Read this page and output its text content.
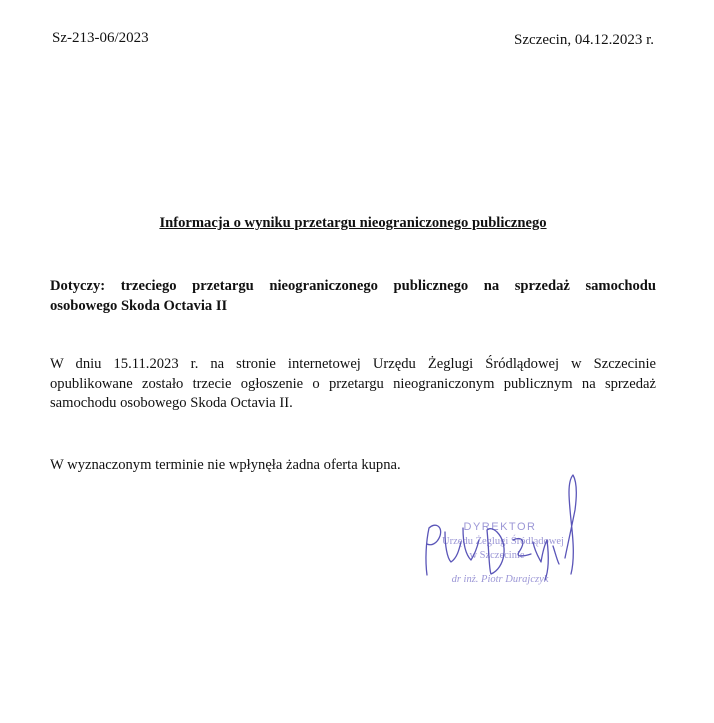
Sz-213-06/2023	Szczecin, 04.12.2023 r.
Informacja o wyniku przetargu nieograniczonego publicznego
Dotyczy: trzeciego przetargu nieograniczonego publicznego na sprzedaż samochodu
osobowego Skoda Octavia II
W dniu 15.11.2023 r. na stronie internetowej Urzędu Żeglugi Śródlądowej w Szczecinie
opublikowane zostało trzecie ogłoszenie o przetargu nieograniczonym publicznym na sprzedaż
samochodu osobowego Skoda Octavia II.
W wyznaczonym terminie nie wpłynęła żadna oferta kupna.
DYREKTOR
Urzędu Żeglugi Śródlądowej
w Szczecinie
dr inż. Piotr Durajczyk
